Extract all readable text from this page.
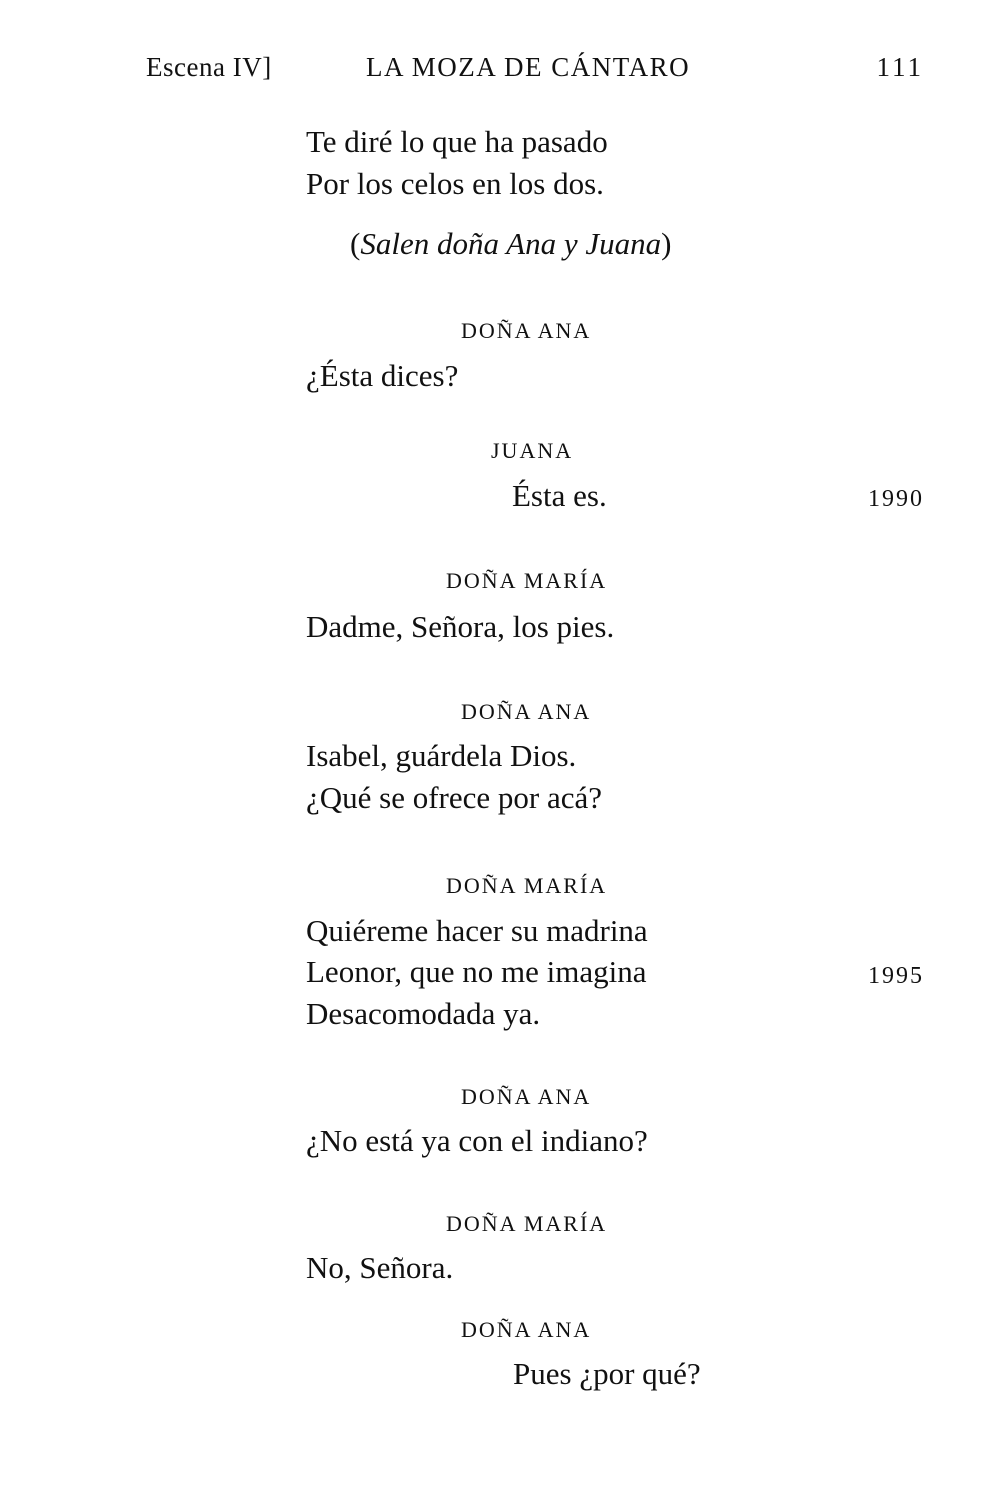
Escena IV]	LA MOZA DE CÁNTARO	111
Te diré lo que ha pasado
Por los celos en los dos.
(Salen doña Ana y Juana)
DOÑA ANA
¿Ésta dices?
JUANA
Ésta es.	1990
DOÑA MARÍA
Dadme, Señora, los pies.
DOÑA ANA
Isabel, guárdela Dios.
¿Qué se ofrece por acá?
DOÑA MARÍA
Quiéreme hacer su madrina
Leonor, que no me imagina	1995
Desacomodada ya.
DOÑA ANA
¿No está ya con el indiano?
DOÑA MARÍA
No, Señora.
DOÑA ANA
Pues ¿por qué?
